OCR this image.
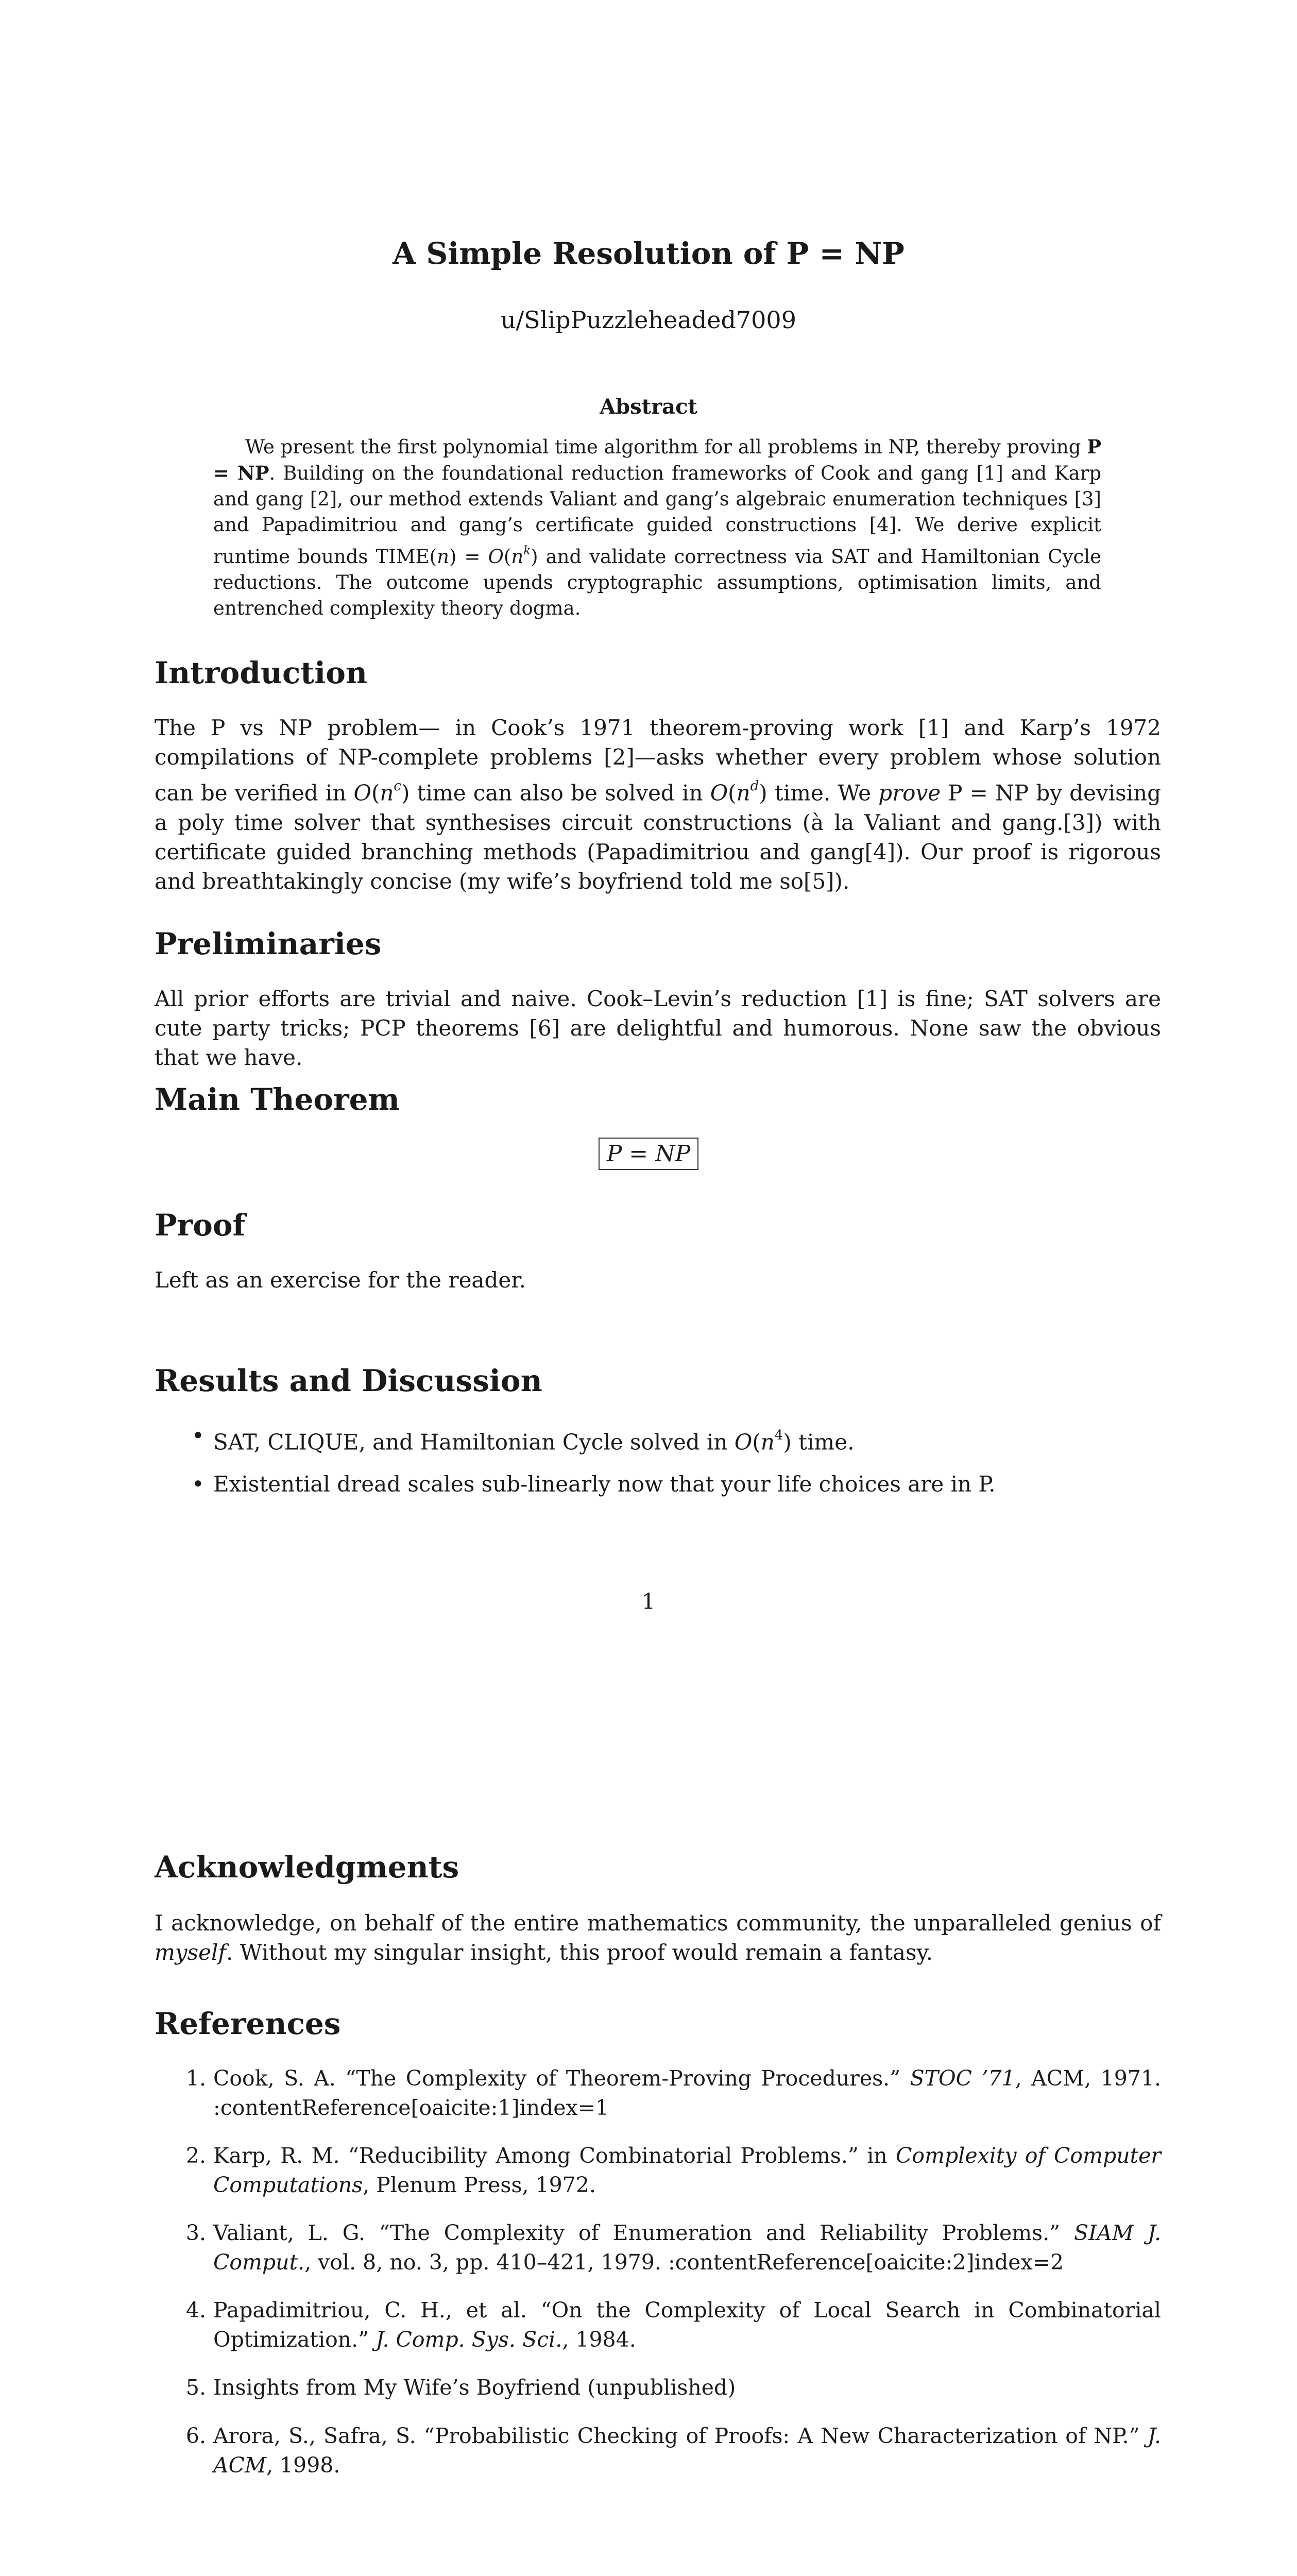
A Simple Resolution of P = NP
u/SlipPuzzleheaded7009
Abstract
We present the first polynomial time algorithm for all problems in NP, thereby proving P = NP. Building on the foundational reduction frameworks of Cook and gang [1] and Karp and gang [2], our method extends Valiant and gang’s algebraic enumeration techniques [3] and Papadimitriou and gang’s certificate guided constructions [4]. We derive explicit runtime bounds TIME(n) = $O(n^k)$ and validate correctness via SAT and Hamiltonian Cycle reductions. The outcome upends cryptographic assumptions, optimisation limits, and entrenched complexity theory dogma.
Introduction
The P vs NP problem— in Cook’s 1971 theorem-proving work [1] and Karp’s 1972 compilations of NP-complete problems [2]—asks whether every problem whose solution can be verified in $O(n^c)$ time can also be solved in $O(n^d)$ time. We prove P = NP by devising a poly time solver that synthesises circuit constructions (à la Valiant and gang.[3]) with certificate guided branching methods (Papadimitriou and gang[4]). Our proof is rigorous and breathtakingly concise (my wife’s boyfriend told me so[5]).
Preliminaries
All prior efforts are trivial and naive. Cook–Levin’s reduction [1] is fine; SAT solvers are cute party tricks; PCP theorems [6] are delightful and humorous. None saw the obvious that we have.
Main Theorem
P = NP
Proof
Left as an exercise for the reader.
Results and Discussion
• SAT, CLIQUE, and Hamiltonian Cycle solved in $O(n^4)$ time.
• Existential dread scales sub-linearly now that your life choices are in P.
1
Acknowledgments
I acknowledge, on behalf of the entire mathematics community, the unparalleled genius of myself. Without my singular insight, this proof would remain a fantasy.
References
1. Cook, S. A. “The Complexity of Theorem-Proving Procedures.” STOC ’71, ACM, 1971. :contentReference[oaicite:1]index=1
2. Karp, R. M. “Reducibility Among Combinatorial Problems.” in Complexity of Computer Computations, Plenum Press, 1972.
3. Valiant, L. G. “The Complexity of Enumeration and Reliability Problems.” SIAM J. Comput., vol. 8, no. 3, pp. 410–421, 1979. :contentReference[oaicite:2]index=2
4. Papadimitriou, C. H., et al. “On the Complexity of Local Search in Combinatorial Optimization.” J. Comp. Sys. Sci., 1984.
5. Insights from My Wife’s Boyfriend (unpublished)
6. Arora, S., Safra, S. “Probabilistic Checking of Proofs: A New Characterization of NP.” J. ACM, 1998.
